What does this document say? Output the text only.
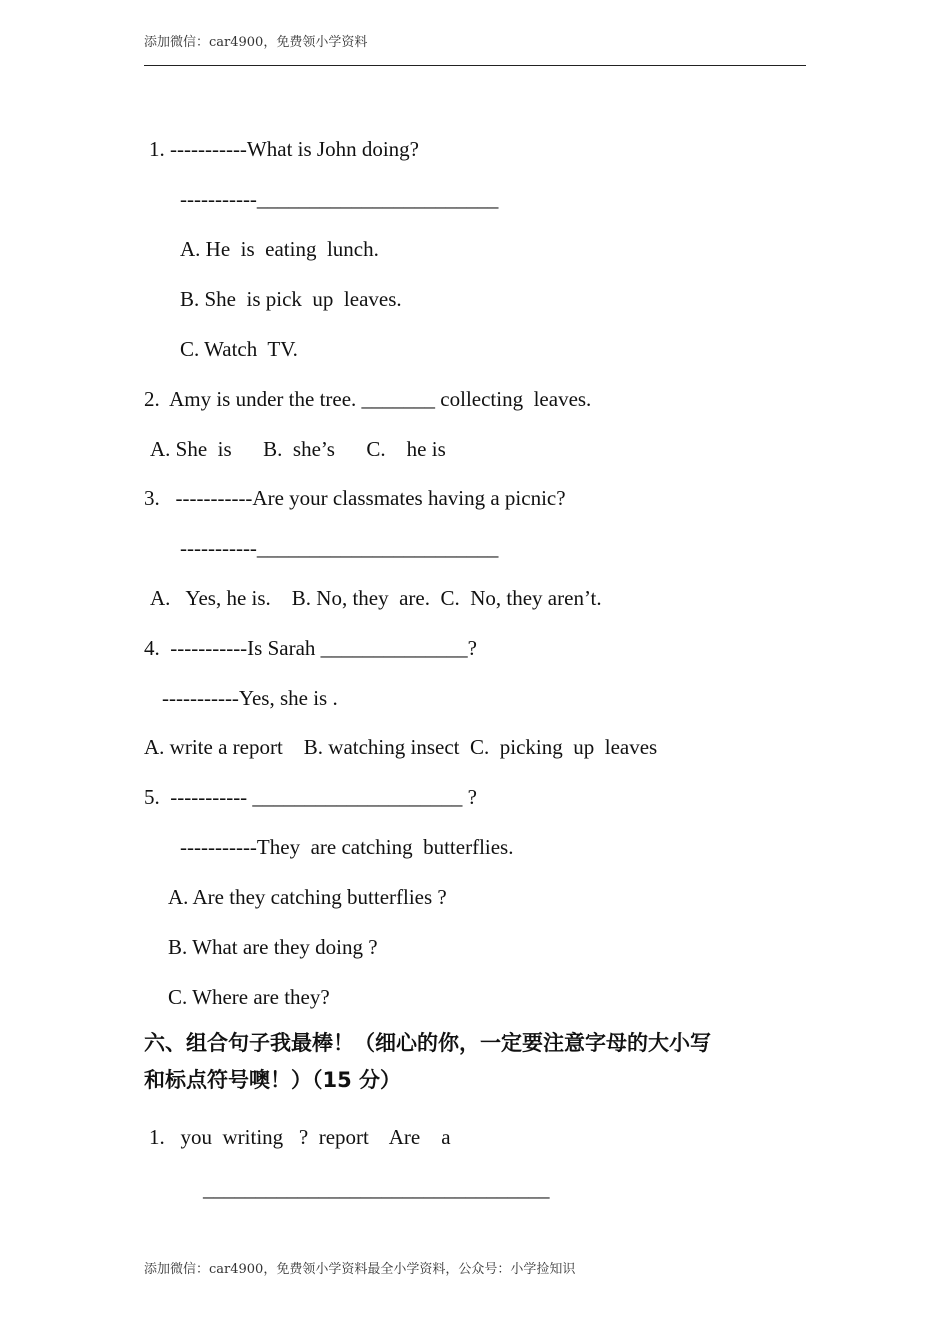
添加微信：car4900，免费领小学资料
1. -----------What is John doing?
-----------_______________________
A. He  is  eating  lunch.
B. She  is pick  up  leaves.
C. Watch  TV.
2.  Amy is under the tree. _______ collecting  leaves.
A. She  is      B.  she’s      C.    he is
3.   -----------Are your classmates having a picnic?
-----------_______________________
A.   Yes, he is.    B. No, they  are.  C.  No, they aren’t.
4.  -----------Is Sarah ______________?
-----------Yes, she is .
A. write a report    B. watching insect  C.  picking  up  leaves
5.  ----------- ____________________ ?
-----------They  are catching  butterflies.
A. Are they catching butterflies ?
B. What are they doing ?
C. Where are they?
六、组合句子我最棒！（细心的你，一定要注意字母的大小写
和标点符号噢！）（15 分）
1.   you  writing   ?  report    Are    a
_________________________________
添加微信：car4900，免费领小学资料最全小学资料，公众号：小学捡知识
